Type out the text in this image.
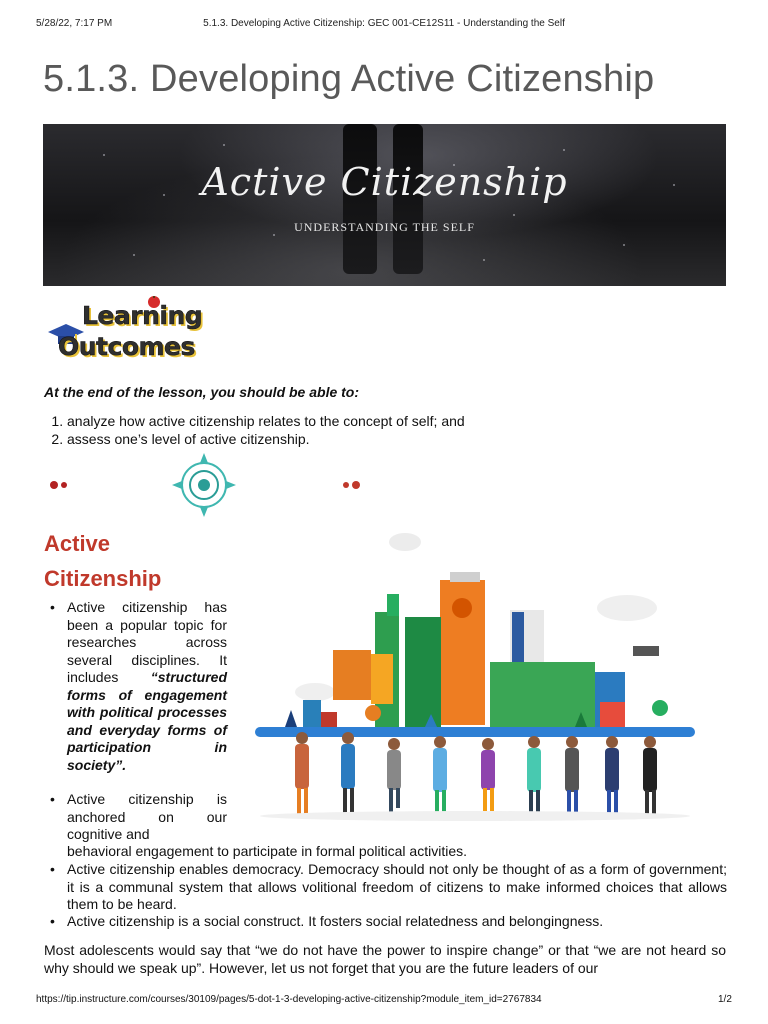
5/28/22, 7:17 PM	5.1.3. Developing Active Citizenship: GEC 001-CE12S11 - Understanding the Self
5.1.3. Developing Active Citizenship
Active Citizenship
UNDERSTANDING THE SELF
Learning
Outcomes
At the end of the lesson, you should be able to:
1. analyze how active citizenship relates to the concept of self; and
2. assess one’s level of active citizenship.
Active Citizenship
• Active citizenship has been a popular topic for researches across several disciplines. It includes “structured forms of engagement with political processes and everyday forms of participation in society”.
• Active citizenship is anchored on our cognitive and
behavioral engagement to participate in formal political activities.
• Active citizenship enables democracy. Democracy should not only be thought of as a form of government; it is a communal system that allows volitional freedom of citizens to make informed choices that allows them to be heard.
• Active citizenship is a social construct. It fosters social relatedness and belongingness.
Most adolescents would say that “we do not have the power to inspire change” or that “we are not heard so why should we speak up”. However, let us not forget that you are the future leaders of our
https://tip.instructure.com/courses/30109/pages/5-dot-1-3-developing-active-citizenship?module_item_id=2767834	1/2
